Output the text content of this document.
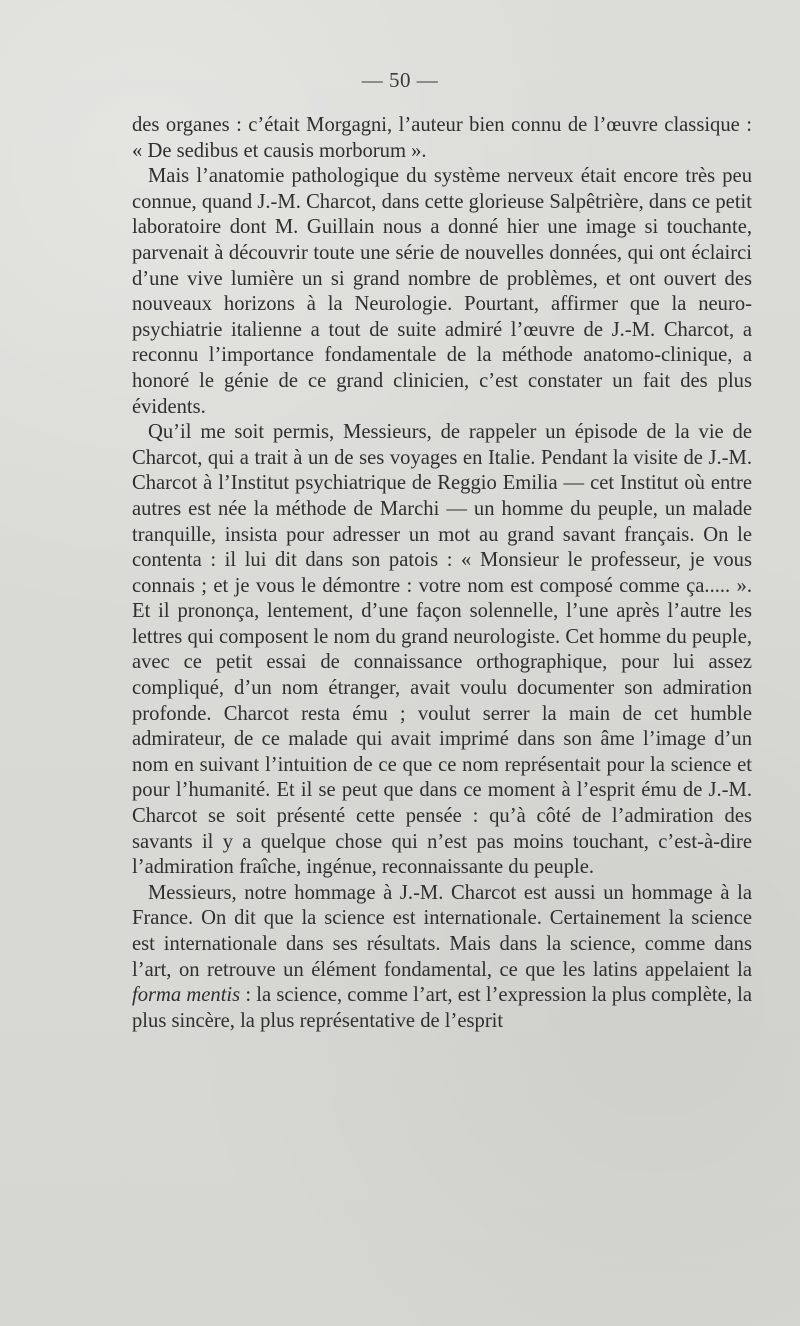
— 50 —

des organes : c’était Morgagni, l’auteur bien connu de l’œuvre classique : « De sedibus et causis morborum ».

Mais l’anatomie pathologique du système nerveux était encore très peu connue, quand J.-M. Charcot, dans cette glorieuse Salpêtrière, dans ce petit laboratoire dont M. Guillain nous a donné hier une image si touchante, parvenait à découvrir toute une série de nouvelles données, qui ont éclairci d’une vive lumière un si grand nombre de problèmes, et ont ouvert des nouveaux horizons à la Neurologie. Pourtant, affirmer que la neuro-psychiatrie italienne a tout de suite admiré l’œuvre de J.-M. Charcot, a reconnu l’importance fondamentale de la méthode anatomo-clinique, a honoré le génie de ce grand clinicien, c’est constater un fait des plus évidents.

Qu’il me soit permis, Messieurs, de rappeler un épisode de la vie de Charcot, qui a trait à un de ses voyages en Italie. Pendant la visite de J.-M. Charcot à l’Institut psychiatrique de Reggio Emilia — cet Institut où entre autres est née la méthode de Marchi — un homme du peuple, un malade tranquille, insista pour adresser un mot au grand savant français. On le contenta : il lui dit dans son patois : « Monsieur le professeur, je vous connais ; et je vous le démontre : votre nom est composé comme ça..... ». Et il prononça, lentement, d’une façon solennelle, l’une après l’autre les lettres qui composent le nom du grand neurologiste. Cet homme du peuple, avec ce petit essai de connaissance orthographique, pour lui assez compliqué, d’un nom étranger, avait voulu documenter son admiration profonde. Charcot resta ému ; voulut serrer la main de cet humble admirateur, de ce malade qui avait imprimé dans son âme l’image d’un nom en suivant l’intuition de ce que ce nom représentait pour la science et pour l’humanité. Et il se peut que dans ce moment à l’esprit ému de J.-M. Charcot se soit présenté cette pensée : qu’à côté de l’admiration des savants il y a quelque chose qui n’est pas moins touchant, c’est-à-dire l’admiration fraîche, ingénue, reconnaissante du peuple.

Messieurs, notre hommage à J.-M. Charcot est aussi un hommage à la France. On dit que la science est internationale. Certainement la science est internationale dans ses résultats. Mais dans la science, comme dans l’art, on retrouve un élément fondamental, ce que les latins appelaient la forma mentis : la science, comme l’art, est l’expression la plus complète, la plus sincère, la plus représentative de l’esprit
